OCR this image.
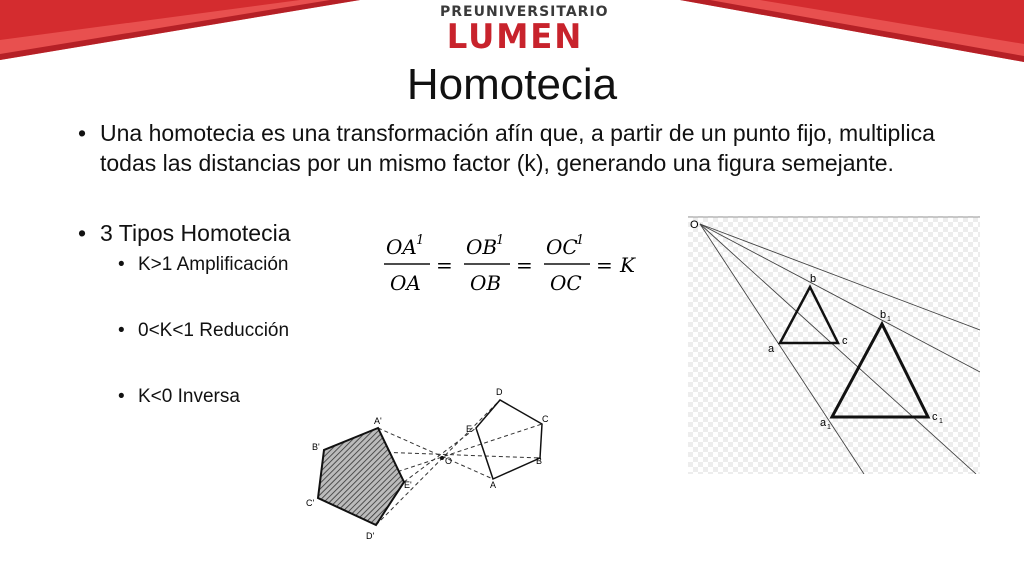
PREUNIVERSITARIO
LUMEN
Homotecia
• Una homotecia es una transformación afín que, a partir de un punto fijo, multiplica todas las distancias por un mismo factor (k), generando una figura semejante.
• 3 Tipos Homotecia
• K>1 Amplificación
• 0<K<1 Reducción
• K<0 Inversa
OA 1
OA
=
OB
1
OB
=
OC
1
OC
= K
O
A
B
C
D
E
A'
B'
C'
D'
E'
O
a
b
c
a 1
b 1
c 1
